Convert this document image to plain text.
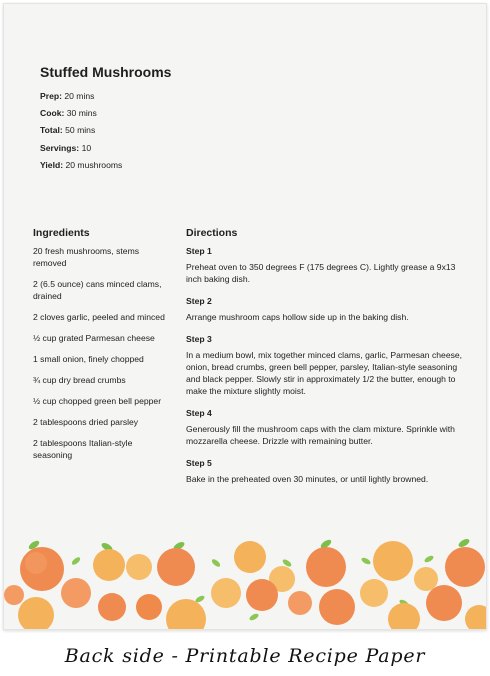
Stuffed Mushrooms
Prep: 20 mins
Cook: 30 mins
Total: 50 mins
Servings: 10
Yield: 20 mushrooms
Ingredients
20 fresh mushrooms, stems removed
2 (6.5 ounce) cans minced clams, drained
2 cloves garlic, peeled and minced
½ cup grated Parmesan cheese
1 small onion, finely chopped
¾ cup dry bread crumbs
½ cup chopped green bell pepper
2 tablespoons dried parsley
2 tablespoons Italian-style seasoning
Directions
Step 1
Preheat oven to 350 degrees F (175 degrees C). Lightly grease a 9x13 inch baking dish.
Step 2
Arrange mushroom caps hollow side up in the baking dish.
Step 3
In a medium bowl, mix together minced clams, garlic, Parmesan cheese, onion, bread crumbs, green bell pepper, parsley, Italian-style seasoning and black pepper. Slowly stir in approximately 1/2 the butter, enough to make the mixture slightly moist.
Step 4
Generously fill the mushroom caps with the clam mixture. Sprinkle with mozzarella cheese. Drizzle with remaining butter.
Step 5
Bake in the preheated oven 30 minutes, or until lightly browned.
Back side - Printable Recipe Paper
